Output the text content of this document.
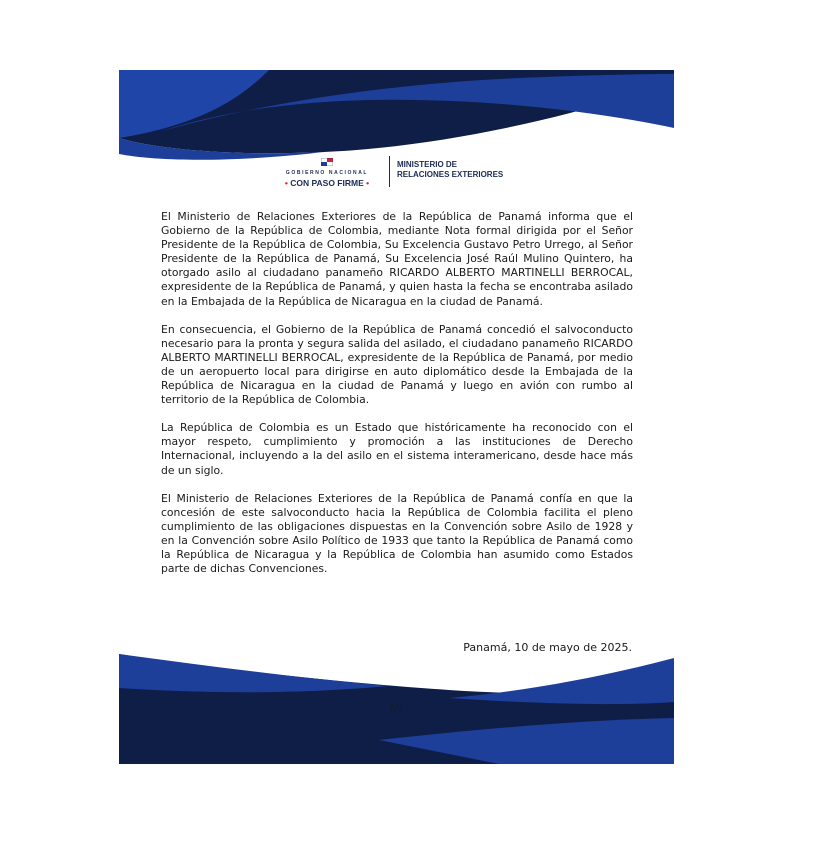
GOBIERNO NACIONAL
• CON PASO FIRME •
MINISTERIO DE
RELACIONES EXTERIORES

El Ministerio de Relaciones Exteriores de la República de Panamá informa que el Gobierno de la República de Colombia, mediante Nota formal dirigida por el Señor Presidente de la República de Colombia, Su Excelencia Gustavo Petro Urrego, al Señor Presidente de la República de Panamá, Su Excelencia José Raúl Mulino Quintero, ha otorgado asilo al ciudadano panameño RICARDO ALBERTO MARTINELLI BERROCAL, expresidente de la República de Panamá, y quien hasta la fecha se encontraba asilado en la Embajada de la República de Nicaragua en la ciudad de Panamá.

En consecuencia, el Gobierno de la República de Panamá concedió el salvoconducto necesario para la pronta y segura salida del asilado, el ciudadano panameño RICARDO ALBERTO MARTINELLI BERROCAL, expresidente de la República de Panamá, por medio de un aeropuerto local para dirigirse en auto diplomático desde la Embajada de la República de Nicaragua en la ciudad de Panamá y luego en avión con rumbo al territorio de la República de Colombia.

La República de Colombia es un Estado que históricamente ha reconocido con el mayor respeto, cumplimiento y promoción a las instituciones de Derecho Internacional, incluyendo a la del asilo en el sistema interamericano, desde hace más de un siglo.

El Ministerio de Relaciones Exteriores de la República de Panamá confía en que la concesión de este salvoconducto hacia la República de Colombia facilita el pleno cumplimiento de las obligaciones dispuestas en la Convención sobre Asilo de 1928 y en la Convención sobre Asilo Político de 1933 que tanto la República de Panamá como la República de Nicaragua y la República de Colombia han asumido como Estados parte de dichas Convenciones.

Panamá, 10 de mayo de 2025.
1/1
